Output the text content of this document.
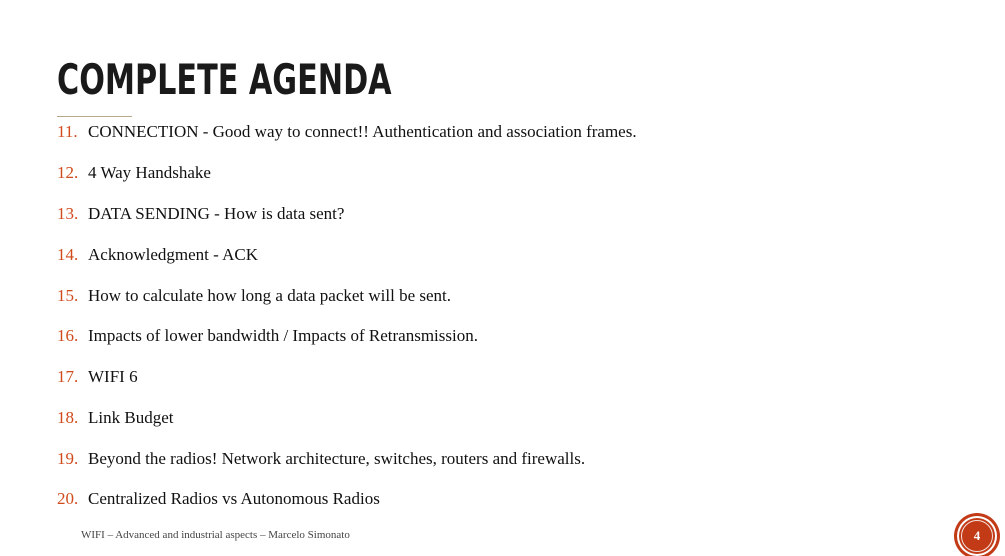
COMPLETE AGENDA
11. CONNECTION - Good way to connect!! Authentication and association frames.
12. 4 Way Handshake
13. DATA SENDING - How is data sent?
14. Acknowledgment - ACK
15. How to calculate how long a data packet will be sent.
16. Impacts of lower bandwidth / Impacts of Retransmission.
17. WIFI 6
18. Link Budget
19. Beyond the radios! Network architecture, switches, routers and firewalls.
20. Centralized Radios vs Autonomous Radios
WIFI – Advanced and industrial aspects – Marcelo Simonato	4
